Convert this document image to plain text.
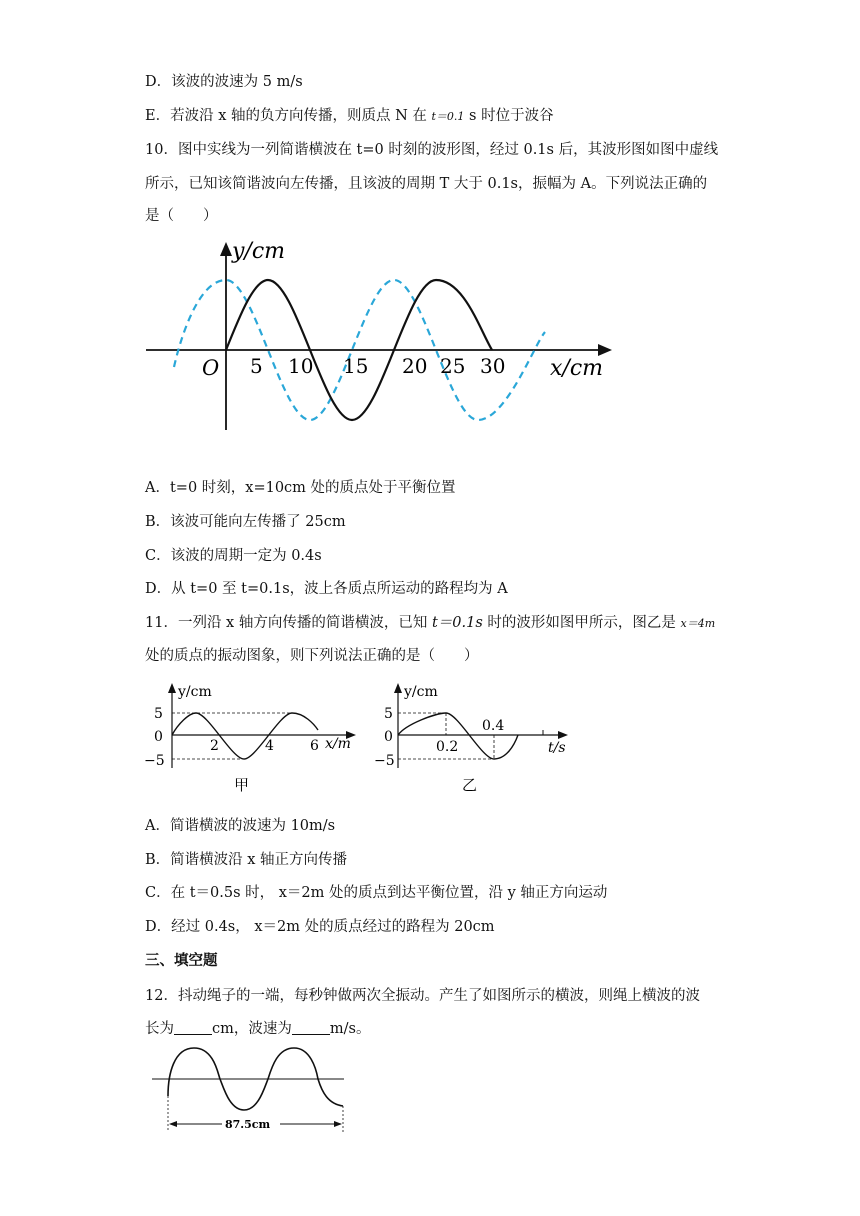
D．该波的波速为 5 m/s
E．若波沿 x 轴的负方向传播，则质点 N 在 t＝0.1 s 时位于波谷
10．图中实线为一列简谐横波在 t=0 时刻的波形图，经过 0.1s 后，其波形图如图中虚线
所示，已知该简谐波向左传播，且该波的周期 T 大于 0.1s，振幅为 A。下列说法正确的
是（　　）
y/cm
x/cm
O 5 10 15 20 25 30
A．t=0 时刻，x=10cm 处的质点处于平衡位置
B．该波可能向左传播了 25cm
C．该波的周期一定为 0.4s
D．从 t=0 至 t=0.1s，波上各质点所运动的路程均为 A
11．一列沿 x 轴方向传播的简谐横波，已知 t＝0.1s 时的波形如图甲所示，图乙是 x＝4m
处的质点的振动图象，则下列说法正确的是（　　）
y/cm
5
0
−5
2	4	6 x/m
甲
y/cm
5
0
−5
0.2
0.4
t/s
乙
A．简谐横波的波速为 10m/s
B．简谐横波沿 x 轴正方向传播
C．在 t＝0.5s 时， x＝2m 处的质点到达平衡位置，沿 y 轴正方向运动
D．经过 0.4s， x＝2m 处的质点经过的路程为 20cm
三、填空题
12．抖动绳子的一端，每秒钟做两次全振动。产生了如图所示的横波，则绳上横波的波
长为	cm，波速为	m/s。
87.5cm
